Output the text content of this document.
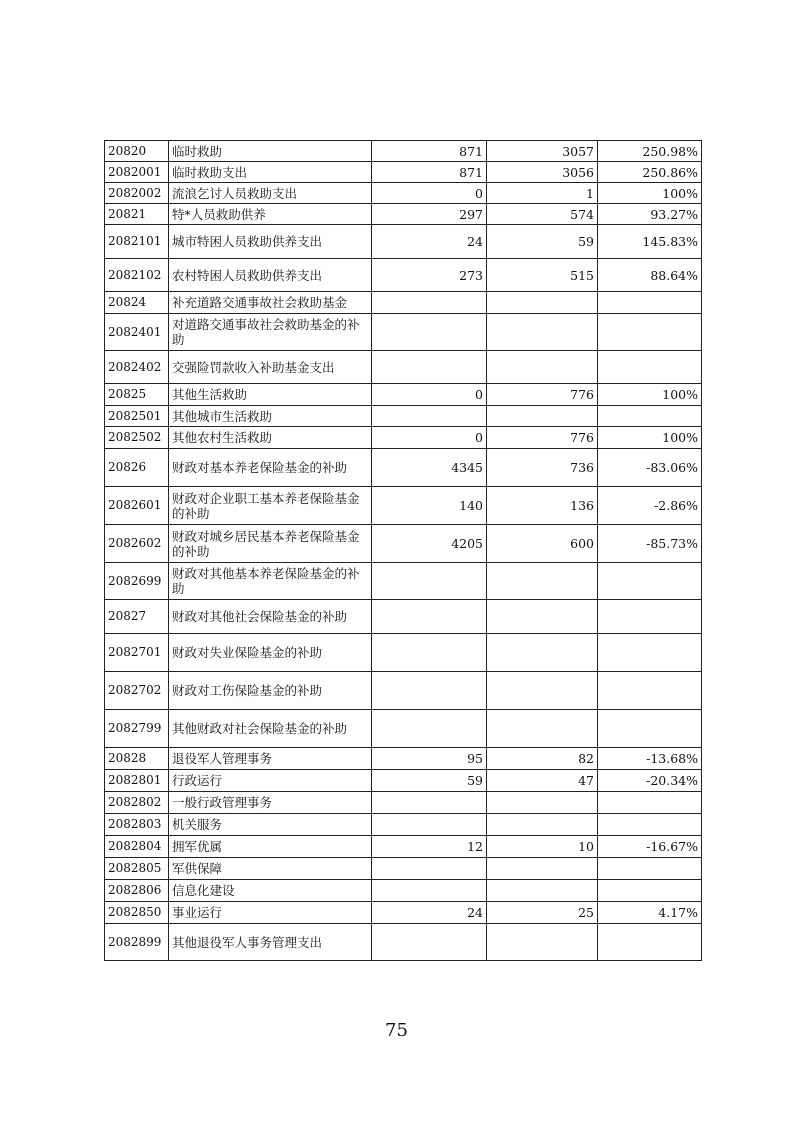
20820	临时救助	871	3057	250.98%
2082001	临时救助支出	871	3056	250.86%
2082002	流浪乞讨人员救助支出	0	1	100%
20821	特*人员救助供养	297	574	93.27%
2082101	城市特困人员救助供养支出	24	59	145.83%
2082102	农村特困人员救助供养支出	273	515	88.64%
20824	补充道路交通事故社会救助基金			
2082401	对道路交通事故社会救助基金的补助			
2082402	交强险罚款收入补助基金支出			
20825	其他生活救助	0	776	100%
2082501	其他城市生活救助			
2082502	其他农村生活救助	0	776	100%
20826	财政对基本养老保险基金的补助	4345	736	-83.06%
2082601	财政对企业职工基本养老保险基金的补助	140	136	-2.86%
2082602	财政对城乡居民基本养老保险基金的补助	4205	600	-85.73%
2082699	财政对其他基本养老保险基金的补助			
20827	财政对其他社会保险基金的补助			
2082701	财政对失业保险基金的补助			
2082702	财政对工伤保险基金的补助			
2082799	其他财政对社会保险基金的补助			
20828	退役军人管理事务	95	82	-13.68%
2082801	行政运行	59	47	-20.34%
2082802	一般行政管理事务			
2082803	机关服务			
2082804	拥军优属	12	10	-16.67%
2082805	军供保障			
2082806	信息化建设			
2082850	事业运行	24	25	4.17%
2082899	其他退役军人事务管理支出			
75
